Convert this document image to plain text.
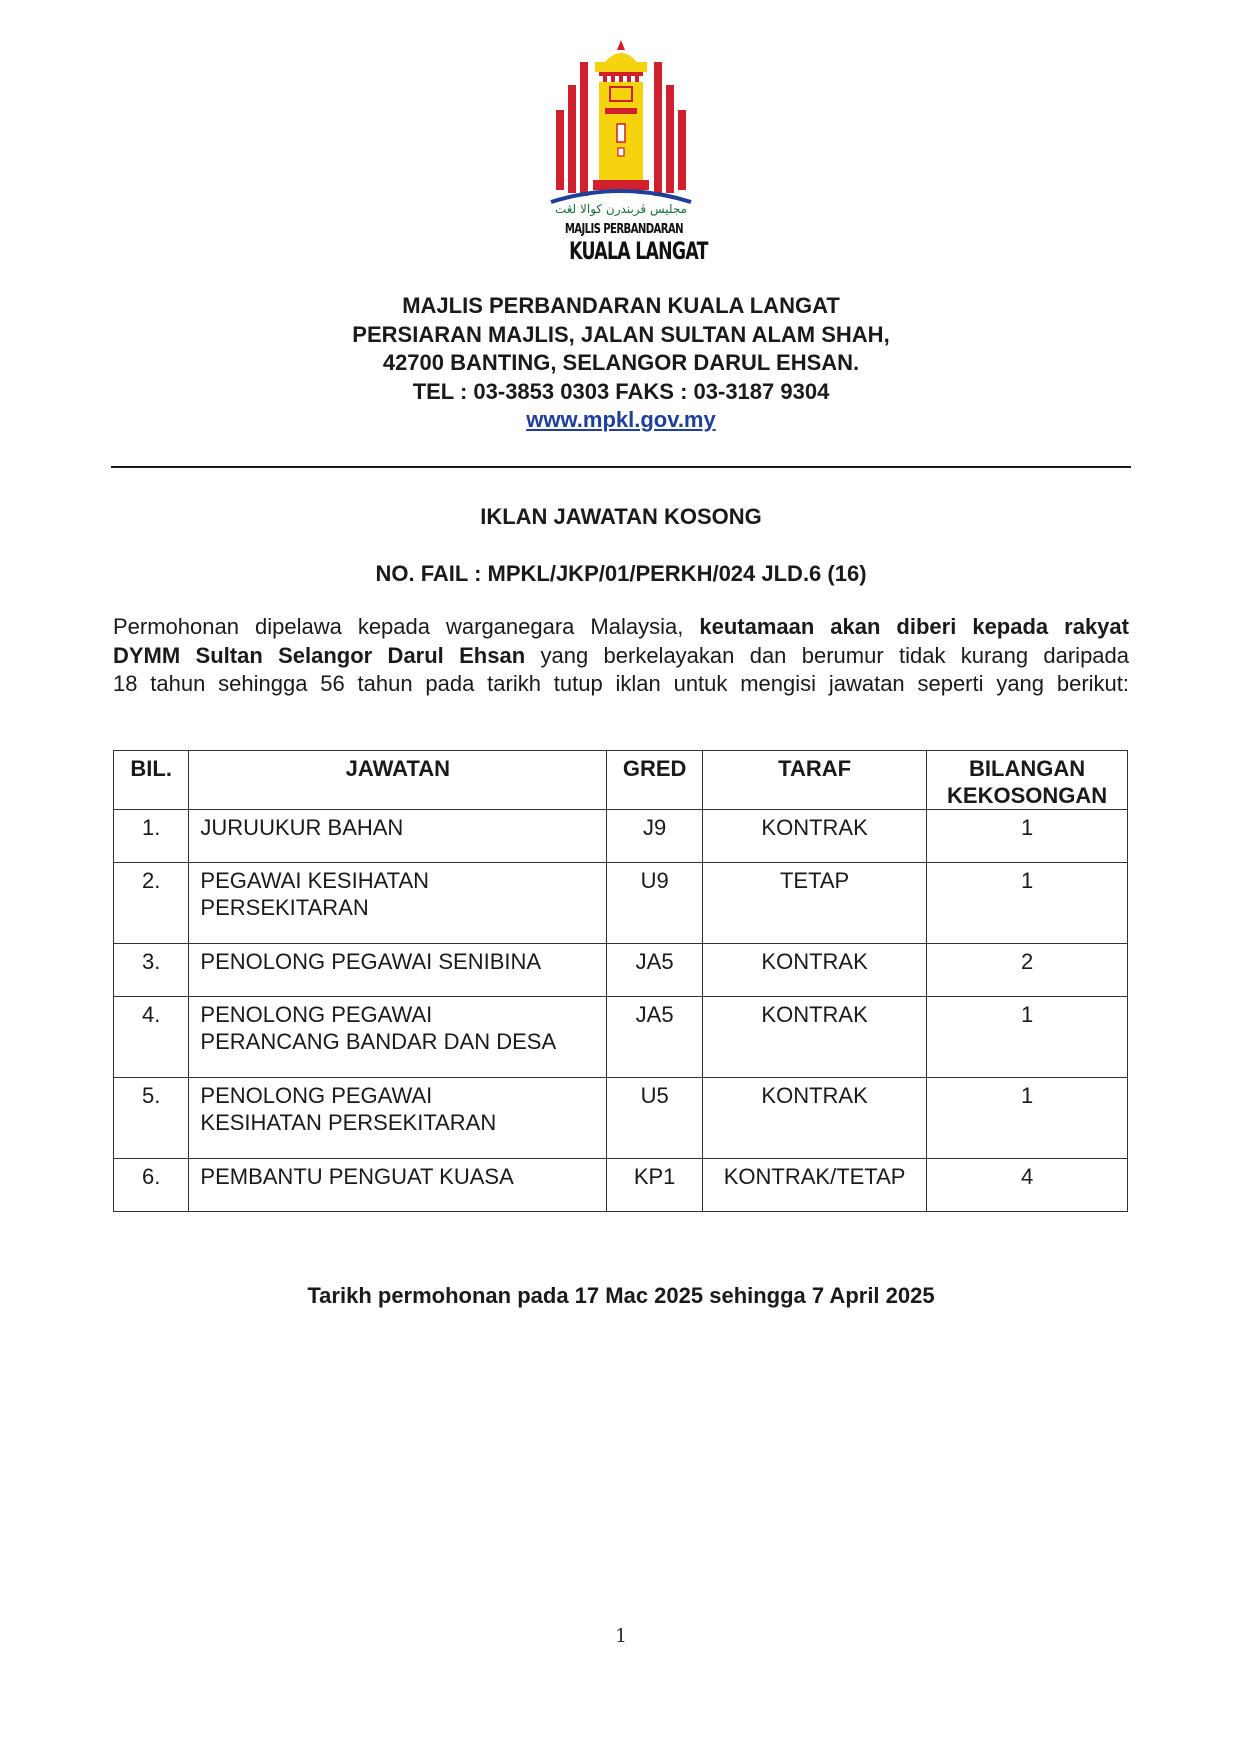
مجليس ڤربندرن كوالا لڠت
MAJLIS PERBANDARAN
KUALA LANGAT
MAJLIS PERBANDARAN KUALA LANGAT
PERSIARAN MAJLIS, JALAN SULTAN ALAM SHAH,
42700 BANTING, SELANGOR DARUL EHSAN.
TEL : 03-3853 0303 FAKS : 03-3187 9304
www.mpkl.gov.my
IKLAN JAWATAN KOSONG
NO. FAIL : MPKL/JKP/01/PERKH/024 JLD.6 (16)
Permohonan dipelawa kepada warganegara Malaysia, keutamaan akan diberi kepada rakyat
DYMM Sultan Selangor Darul Ehsan yang berkelayakan dan berumur tidak kurang daripada
18 tahun sehingga 56 tahun pada tarikh tutup iklan untuk mengisi jawatan seperti yang berikut:
BIL.	JAWATAN	GRED	TARAF	BILANGAN
KEKOSONGAN
1.	JURUUKUR BAHAN	J9	KONTRAK	1
2.	PEGAWAI KESIHATAN
PERSEKITARAN	U9	TETAP	1
3.	PENOLONG PEGAWAI SENIBINA	JA5	KONTRAK	2
4.	PENOLONG PEGAWAI
PERANCANG BANDAR DAN DESA	JA5	KONTRAK	1
5.	PENOLONG PEGAWAI
KESIHATAN PERSEKITARAN	U5	KONTRAK	1
6.	PEMBANTU PENGUAT KUASA	KP1	KONTRAK/TETAP	4
Tarikh permohonan pada 17 Mac 2025 sehingga 7 April 2025
1
